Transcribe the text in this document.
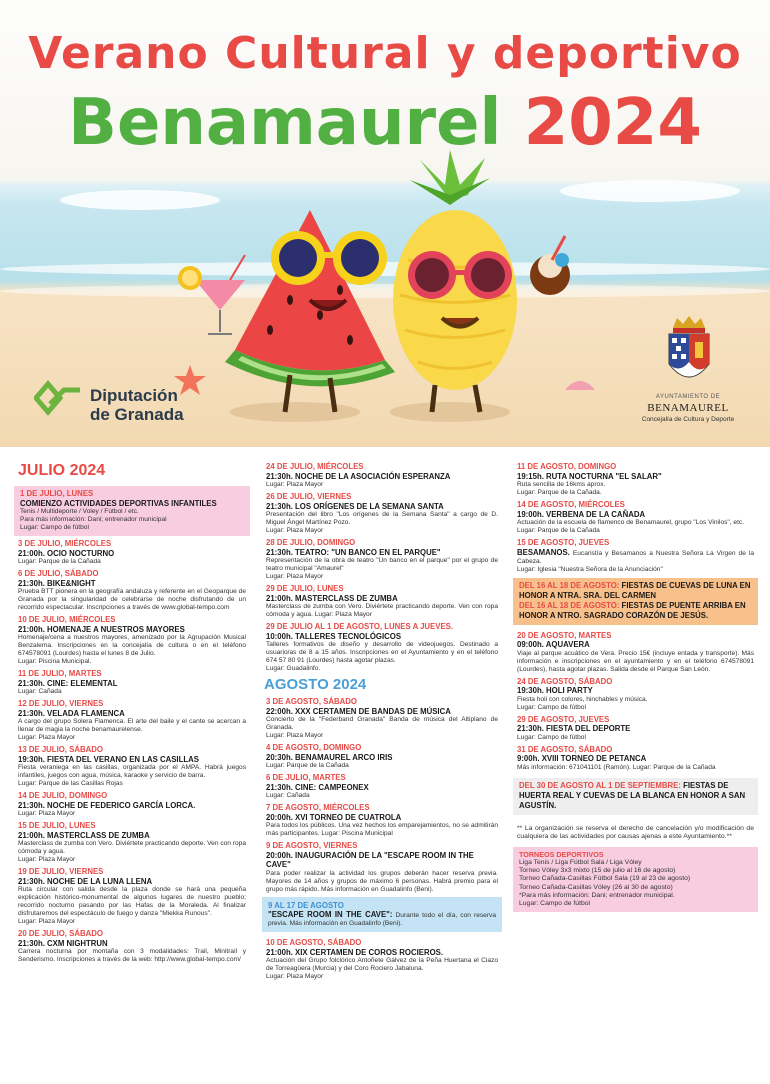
Verano Cultural y deportivo
Benamaurel 2024
Diputación
de Granada
AYUNTAMIENTO DE
BENAMAUREL
Concejalía de Cultura y Deporte
JULIO 2024
1 DE JULIO, LUNES
COMIENZO ACTIVIDADES DEPORTIVAS INFANTILES
Tenis / Multideporte / Voley / Fútbol / etc.
Para más información: Dani; entrenador municipal
Lugar: Campo de fútbol
3 DE JULIO, MIÉRCOLES
21:00h. OCIO NOCTURNO
Lugar: Parque de la Cañada
6 DE JULIO, SÁBADO
21:30h. BIKE&NIGHT
Prueba BTT pionera en la geografía andaluza y referente en el Geoparque de Granada por la singularidad de celebrarse de noche disfrutando de un recorrido espectacular. Inscripciones a través de www.global-tempo.com
10 DE JULIO, MIÉRCOLES
21:00h. HOMENAJE A NUESTROS MAYORES
Homenaje/cena a nuestros mayores, amenizado por la Agrupación Musical Benzalema. Inscripciones en la concejalía de cultura o en el teléfono 674578091 (Lourdes) hasta el lunes 8 de Julio.
Lugar: Piscina Municipal.
11 DE JULIO, MARTES
21:30h. CINE: ELEMENTAL
Lugar: Cañada
12 DE JULIO, VIERNES
21:30h. VELADA FLAMENCA
A cargo del grupo Solera Flamenca. El arte del baile y el cante se acercan a llenar de magia la noche benamaurelense.
Lugar: Plaza Mayor
13 DE JULIO, SÁBADO
19:30h. FIESTA DEL VERANO EN LAS CASILLAS
Fiesta veraniega en las casillas, organizada por el AMPA. Habrá juegos infantiles, juegos con agua, música, karaoke y servicio de barra.
Lugar: Parque de las Casillas Rojas
14 DE JULIO, DOMINGO
21:30h. NOCHE DE FEDERICO GARCÍA LORCA.
Lugar: Plaza Mayor
15 DE JULIO, LUNES
21:00h. MASTERCLASS DE ZUMBA
Masterclass de zumba con Vero. Diviértete practicando deporte. Ven con ropa cómoda y agua.
Lugar: Plaza Mayor
19 DE JULIO, VIERNES
21:30h. NOCHE DE LA LUNA LLENA
Ruta circular con salida desde la plaza donde se hará una pequeña explicación histórico-monumental de algunos lugares de nuestro pueblo; recorrido nocturno pasando por las Hafas de la Moraleda. Al finalizar disfrutaremos del espectáculo de fuego y danza "Miekka Runous".
Lugar: Plaza Mayor
20 DE JULIO, SÁBADO
21:30h. CXM NIGHTRUN
Carrera nocturna por montaña con 3 modalidades: Trail, Minitrail y Senderismo. Inscripciones a través de la web: http://www.global-tempo.com/
24 DE JULIO, MIÉRCOLES
21:30h. NOCHE DE LA ASOCIACIÓN ESPERANZA
Lugar: Plaza Mayor
26 DE JULIO, VIERNES
21:30h. LOS ORÍGENES DE LA SEMANA SANTA
Presentación del libro "Los orígenes de la Semana Santa" a cargo de D. Miguel Ángel Martínez Pozo.
Lugar: Plaza Mayor
28 DE JULIO, DOMINGO
21:30h. TEATRO: "UN BANCO EN EL PARQUE"
Representación de la obra de teatro "Un banco en el parque" por el grupo de teatro municipal "Amaurel"
Lugar: Plaza Mayor
29 DE JULIO, LUNES
21:00h. MASTERCLASS DE ZUMBA
Masterclass de zumba con Vero. Diviértete practicando deporte. Ven con ropa cómoda y agua. Lugar: Plaza Mayor
29 DE JULIO AL 1 DE AGOSTO, LUNES A JUEVES.
10:00h. TALLERES TECNOLÓGICOS
Talleres formativos de diseño y desarrollo de videojuegos. Destinado a usuario/as de 8 a 15 años. Inscripciones en el Ayuntamiento y en el teléfono 674 57 80 91 (Lourdes) hasta agotar plazas.
Lugar: Guadalinfo.
AGOSTO 2024
3 DE AGOSTO, SÁBADO
22:00h. XXX CERTAMEN DE BANDAS DE MÚSICA
Concierto de la "Federband Granada" Banda de música del Altiplano de Granada.
Lugar: Plaza Mayor
4 DE AGOSTO, DOMINGO
20:30h. BENAMAUREL ARCO IRIS
Lugar: Parque de la Cañada
6 DE JULIO, MARTES
21:30h. CINE: CAMPEONEX
Lugar: Cañada
7 DE AGOSTO, MIÉRCOLES
20:00h. XVI TORNEO DE CUATROLA
Para todos los públicos. Una vez hechos los emparejamientos, no se admitirán más participantes. Lugar: Piscina Municipal
9 DE AGOSTO, VIERNES
20:00h. INAUGURACIÓN DE LA "ESCAPE ROOM IN THE CAVE"
Para poder realizar la actividad los grupos deberán hacer reserva previa. Mayores de 14 años y grupos de máximo 6 personas. Habrá premio para el grupo más rápido. Más información en Guadalinfo (Beni).
9 AL 17 DE AGOSTO
"ESCAPE ROOM IN THE CAVE": Durante todo el día, con reserva previa. Más información en Guadalinfo (Beni).
10 DE AGOSTO, SÁBADO
21:00h. XIX CERTAMEN DE COROS ROCIEROS.
Actuación del Grupo folclórico Antoñete Gálvez de la Peña Huertana el Ciazo de Torreagüera (Murcia) y del Coro Rociero Jabaluna.
Lugar: Plaza Mayor
11 DE AGOSTO, DOMINGO
19:15h. RUTA NOCTURNA "EL SALAR"
Ruta sencilla de 16kms aprox.
Lugar: Parque de la Cañada.
14 DE AGOSTO, MIÉRCOLES
19:00h. VERBENA DE LA CAÑADA
Actuación de la escuela de flamenco de Benamaurel, grupo "Los Vinilos", etc.
Lugar: Parque de la Cañada
15 DE AGOSTO, JUEVES
BESAMANOS. Eucaristía y Besamanos a Nuestra Señora La Virgen de la Cabeza.
Lugar: Iglesia "Nuestra Señora de la Anunciación"
DEL 16 AL 18 DE AGOSTO: FIESTAS DE CUEVAS DE LUNA EN HONOR A NTRA. SRA. DEL CARMEN
DEL 16 AL 18 DE AGOSTO: FIESTAS DE PUENTE ARRIBA EN HONOR A NTRO. SAGRADO CORAZÓN DE JESÚS.
20 DE AGOSTO, MARTES
09:00h. AQUAVERA
Viaje al parque acuático de Vera. Precio 15€ (incluye entada y transporte). Más información e inscripciones en el ayuntamiento y en el teléfono 674578091 (Lourdes), hasta agotar plazas. Salida desde el Parque San León.
24 DE AGOSTO, SÁBADO
19:30h. HOLI PARTY
Fiesta holi con colores, hinchables y música.
Lugar: Campo de fútbol
29 DE AGOSTO, JUEVES
21:30h. FIESTA DEL DEPORTE
Lugar: Campo de fútbol
31 DE AGOSTO, SÁBADO
9:00h. XVIII TORNEO DE PETANCA
Más información: 671041101 (Ramón). Lugar: Parque de la Cañada
DEL 30 DE AGOSTO AL 1 DE SEPTIEMBRE: FIESTAS DE HUERTA REAL Y CUEVAS DE LA BLANCA EN HONOR A SAN AGUSTÍN.
** La organización se reserva el derecho de cancelación y/o modificación de cualquiera de las actividades por causas ajenas a este Ayuntamiento.**
TORNEOS DEPORTIVOS
Liga Tenis / Liga Fútbol Sala / Liga Vóley
Torneo Vóley 3x3 mixto (15 de julio al 16 de agosto)
Torneo Cañada-Casillas Fútbol Sala (19 al 23 de agosto)
Torneo Cañada-Casillas Vóley (26 al 30 de agosto)
*Para más información: Dani; entrenador municipal.
Lugar: Campo de fútbol
